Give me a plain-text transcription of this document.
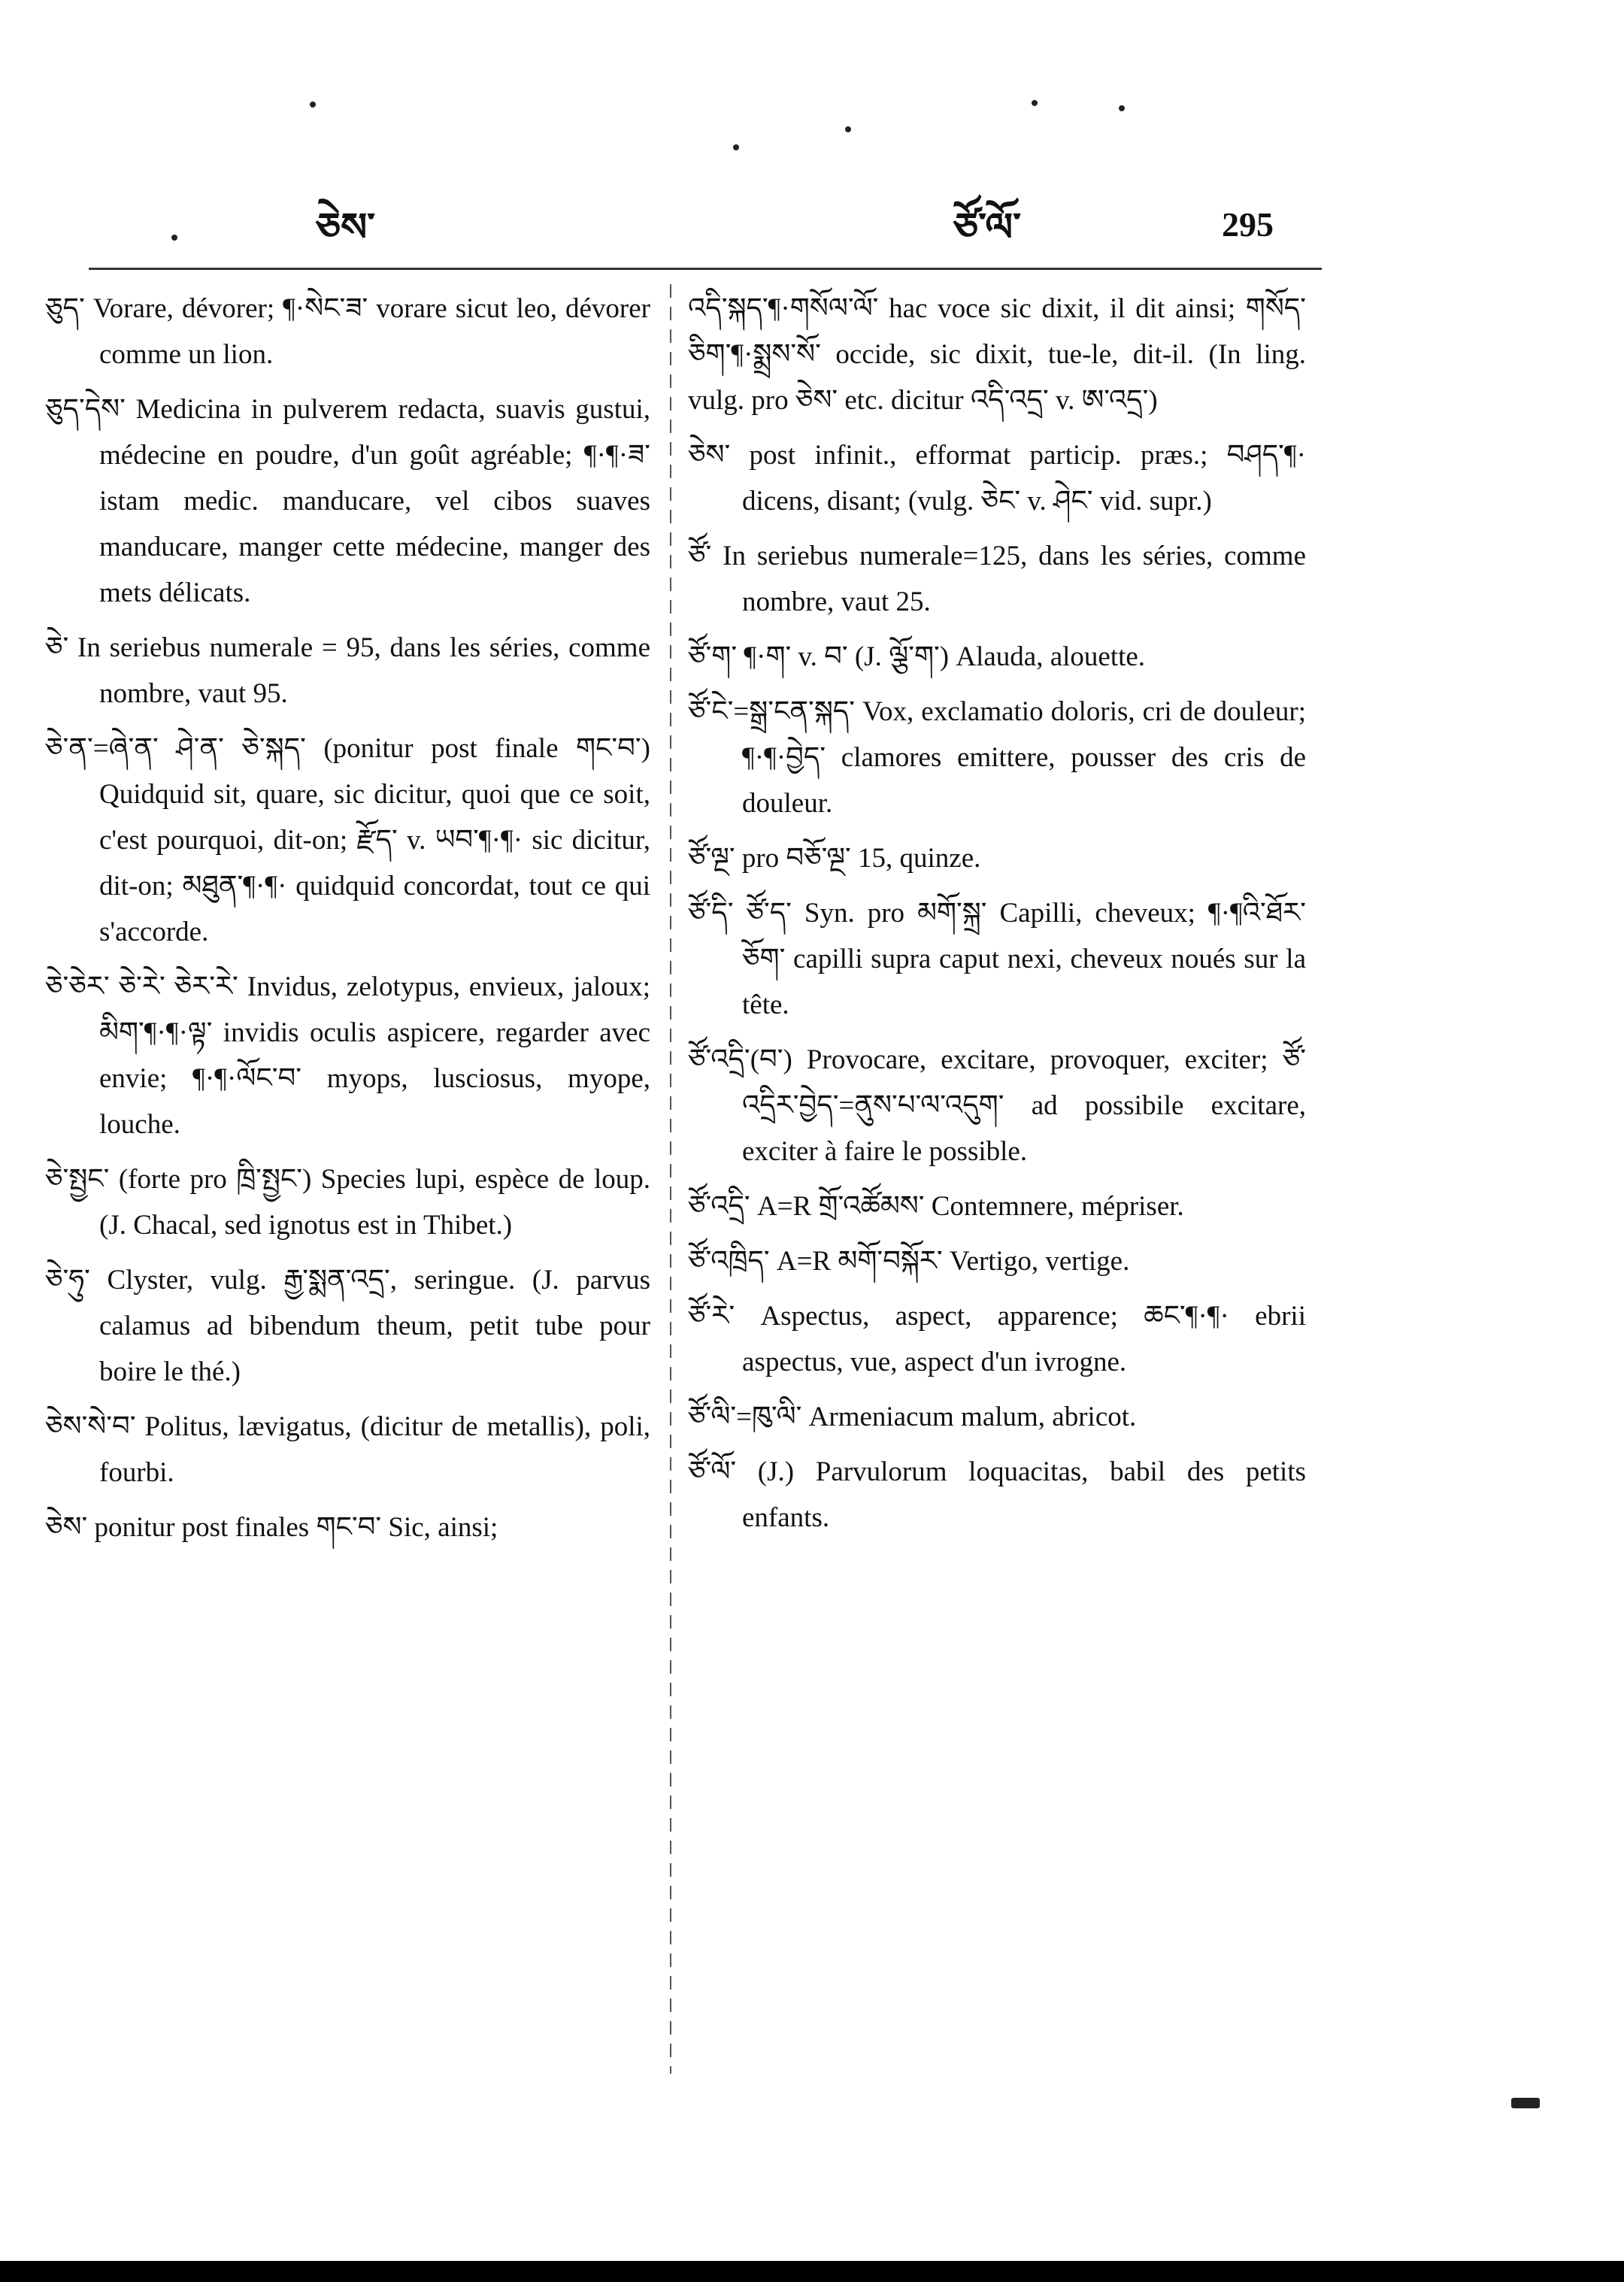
ཅེས་	ཙོ་ལོ་	295

ཅུད་ Vorare, dévorer; ¶·སེང་ཟ་ vorare sicut leo, dévorer comme un lion.

ཅུད་དེས་ Medicina in pulverem redacta, suavis gustui, médecine en poudre, d'un goût agréable; ¶·¶·ཟ་ istam medic. manducare, vel cibos suaves manducare, manger cette médecine, manger des mets délicats.

ཅེ་ In seriebus numerale = 95, dans les séries, comme nombre, vaut 95.

ཅེ་ན་=ཞེ་ན་ ཤེ་ན་ ཅེ་སྐད་ (ponitur post finale གང་བ་) Quidquid sit, quare, sic dicitur, quoi que ce soit, c'est pourquoi, dit-on; རྫོད་ v. ཡབ་¶·¶· sic dicitur, dit-on; མཐུན་¶·¶· quidquid concordat, tout ce qui s'accorde.

ཅེ་ཅེར་ ཅེ་རེ་ ཅེར་རེ་ Invidus, zelotypus, envieux, jaloux; མིག་¶·¶·ལྟ་ invidis oculis aspicere, regarder avec envie; ¶·¶·ལོང་བ་ myops, lusciosus, myope, louche.

ཅེ་སྤྱང་ (forte pro ཁྲི་སྤྱང་) Species lupi, espèce de loup. (J. Chacal, sed ignotus est in Thibet.)

ཅེ་ཧུ་ Clyster, vulg. རྒྱ་སྨན་འདྲ་, seringue. (J. parvus calamus ad bibendum theum, petit tube pour boire le thé.)

ཅེས་སེ་བ་ Politus, lævigatus, (dicitur de metallis), poli, fourbi.

ཅེས་ ponitur post finales གང་བ་ Sic, ainsi;

འདི་སྐད་¶·གསོལ་ལོ་ hac voce sic dixit, il dit ainsi; གསོད་ཅིག་¶·སྨྲས་སོ་ occide, sic dixit, tue-le, dit-il. (In ling. vulg. pro ཅེས་ etc. dicitur འདི་འདྲ་ v. ཨ་འདྲ་)

ཅེས་ post infinit., efformat particip. præs.; བཤད་¶· dicens, disant; (vulg. ཅེང་ v. ཤེང་ vid. supr.)

ཙོ་ In seriebus numerale=125, dans les séries, comme nombre, vaut 25.

ཙོ་ག་ ¶·ག་ v. བ་ (J. ལྕོ་ག་) Alauda, alouette.

ཙོ་ངེ་=སྒྲ་ངན་སྐད་ Vox, exclamatio doloris, cri de douleur; ¶·¶·བྱེད་ clamores emittere, pousser des cris de douleur.

ཙོ་ལྔ་ pro བཅོ་ལྔ་ 15, quinze.

ཙོ་དི་ ཙོ་ད་ Syn. pro མགོ་སྐྲ་ Capilli, cheveux; ¶·¶འི་ཐོར་ཅོག་ capilli supra caput nexi, cheveux noués sur la tête.

ཙོ་འདྲི་(བ་) Provocare, excitare, provoquer, exciter; ཙོ་འདྲིར་བྱེད་=ནུས་པ་ལ་འདུག་ ad possibile excitare, exciter à faire le possible.

ཙོ་འདྲི་ A=R གྲོ་འཚོམས་ Contemnere, mépriser.

ཙོ་འཁྲིད་ A=R མགོ་བསྐོར་ Vertigo, vertige.

ཙོ་རེ་ Aspectus, aspect, apparence; ཆང་¶·¶· ebrii aspectus, vue, aspect d'un ivrogne.

ཙོ་ལི་=ཁུ་ལི་ Armeniacum malum, abricot.

ཙོ་ལོ་ (J.) Parvulorum loquacitas, babil des petits enfants.
